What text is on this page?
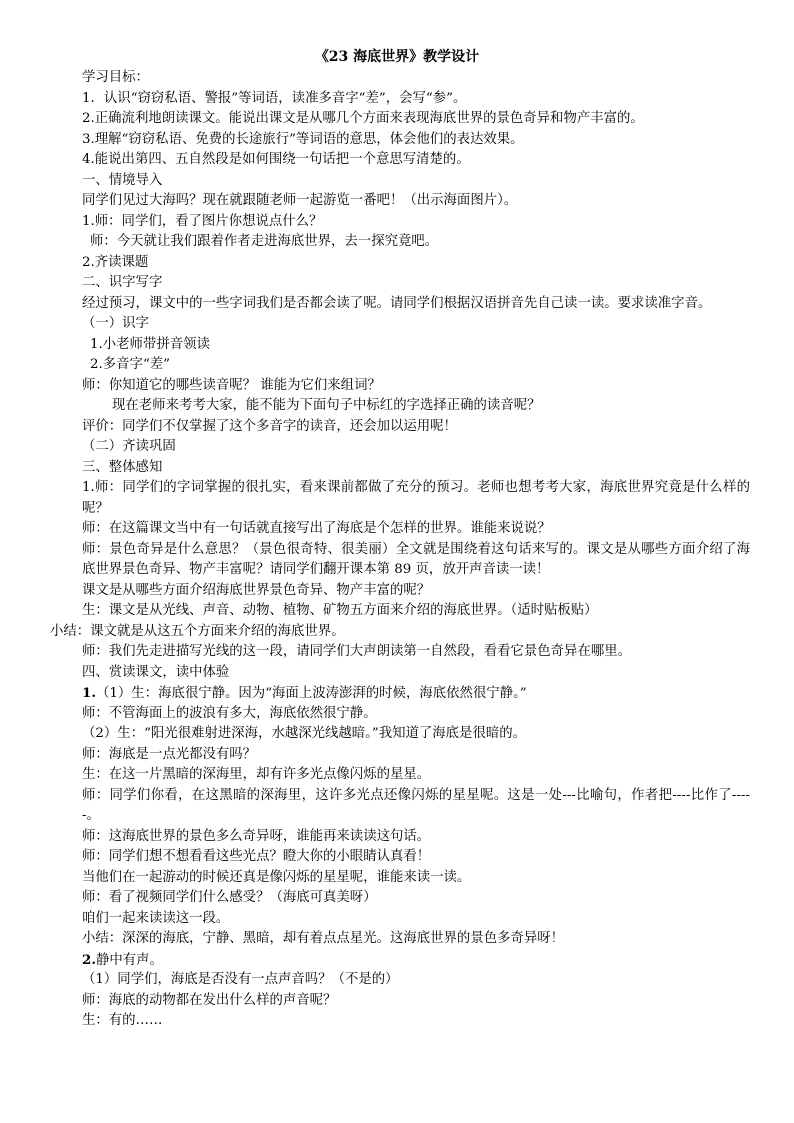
《23 海底世界》教学设计
学习目标：
1．认识“窃窃私语、警报”等词语，读准多音字“差”，会写“参”。
2.正确流利地朗读课文。能说出课文是从哪几个方面来表现海底世界的景色奇异和物产丰富的。
3.理解“窃窃私语、免费的长途旅行”等词语的意思，体会他们的表达效果。
4.能说出第四、五自然段是如何围绕一句话把一个意思写清楚的。
一、情境导入
同学们见过大海吗？现在就跟随老师一起游览一番吧！（出示海面图片）。
1.师：同学们，看了图片你想说点什么？
师：今天就让我们跟着作者走进海底世界，去一探究竟吧。
2.齐读课题
二、识字写字
经过预习，课文中的一些字词我们是否都会读了呢。请同学们根据汉语拼音先自己读一读。要求读准字音。
（一）识字
1.小老师带拼音领读
2.多音字“差”
师：你知道它的哪些读音呢？ 谁能为它们来组词？
现在老师来考考大家，能不能为下面句子中标红的字选择正确的读音呢？
评价：同学们不仅掌握了这个多音字的读音，还会加以运用呢！
（二）齐读巩固
三、整体感知
1.师：同学们的字词掌握的很扎实，看来课前都做了充分的预习。老师也想考考大家，海底世界究竟是什么样的呢？
师：在这篇课文当中有一句话就直接写出了海底是个怎样的世界。谁能来说说？
师：景色奇异是什么意思？（景色很奇特、很美丽）全文就是围绕着这句话来写的。课文是从哪些方面介绍了海底世界景色奇异、物产丰富呢？请同学们翻开课本第 89 页，放开声音读一读！
课文是从哪些方面介绍海底世界景色奇异、物产丰富的呢？
生：课文是从光线、声音、动物、植物、矿物五方面来介绍的海底世界。（适时贴板贴）
小结：课文就是从这五个方面来介绍的海底世界。
师：我们先走进描写光线的这一段，请同学们大声朗读第一自然段，看看它景色奇异在哪里。
四、赏读课文，读中体验
1.（1）生：海底很宁静。因为“海面上波涛澎湃的时候，海底依然很宁静。”
师：不管海面上的波浪有多大，海底依然很宁静。
（2）生：“阳光很难射进深海，水越深光线越暗。”我知道了海底是很暗的。
师：海底是一点光都没有吗？
生：在这一片黑暗的深海里，却有许多光点像闪烁的星星。
师：同学们你看，在这黑暗的深海里，这许多光点还像闪烁的星星呢。这是一处---比喻句，作者把----比作了-----。
师：这海底世界的景色多么奇异呀，谁能再来读读这句话。
师：同学们想不想看看这些光点？瞪大你的小眼睛认真看！
当他们在一起游动的时候还真是像闪烁的星星呢，谁能来读一读。
师：看了视频同学们什么感受？（海底可真美呀）
咱们一起来读读这一段。
小结：深深的海底，宁静、黑暗，却有着点点星光。这海底世界的景色多奇异呀！
2.静中有声。
（1）同学们，海底是否没有一点声音吗？（不是的）
师：海底的动物都在发出什么样的声音呢？
生：有的……
